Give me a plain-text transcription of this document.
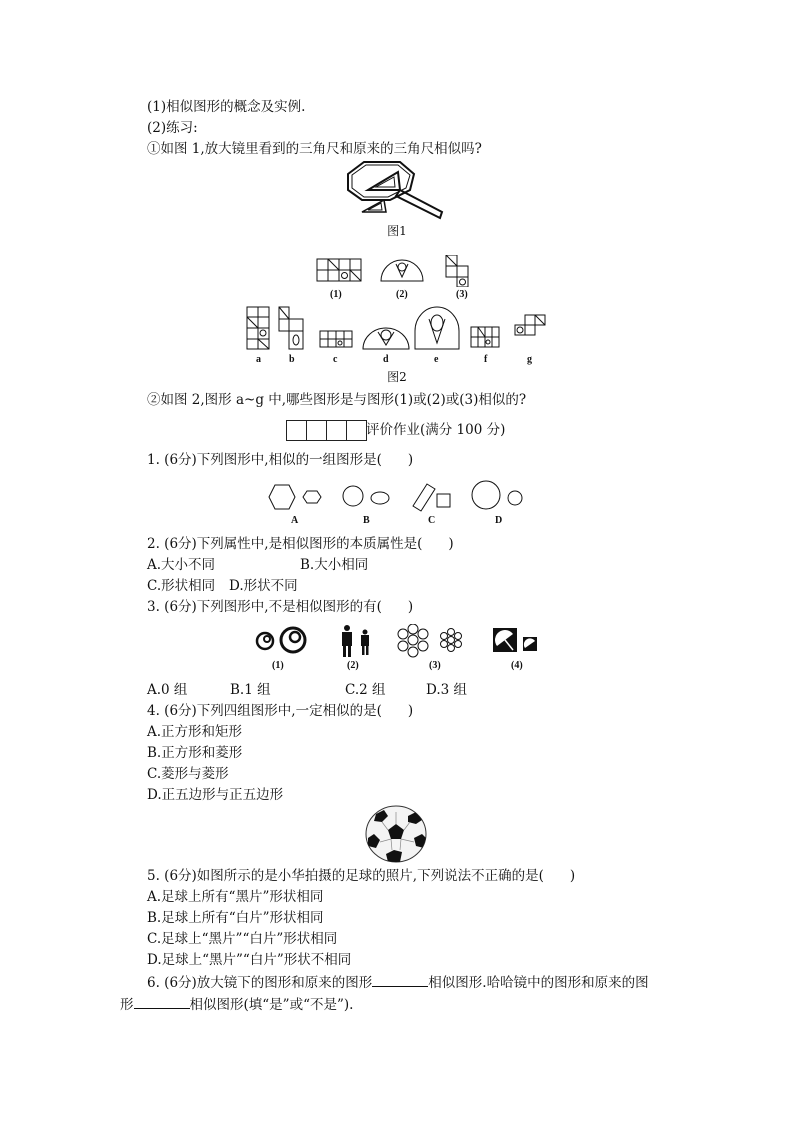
(1)相似图形的概念及实例.
(2)练习:
①如图 1,放大镜里看到的三角尺和原来的三角尺相似吗?
图1
(1)	(2)	(3)
a	b	c	d	e	f	g
图2
②如图 2,图形 a~g 中,哪些图形是与图形(1)或(2)或(3)相似的?
评价作业(满分 100 分)
1. (6分)下列图形中,相似的一组图形是( )
A	B	C	D
2. (6分)下列属性中,是相似图形的本质属性是( )
A.大小不同	B.大小相同
C.形状相同 D.形状不同
3. (6分)下列图形中,不是相似图形的有( )
(1)	(2)	(3)	(4)
A.0 组	B.1 组	C.2 组	D.3 组
4. (6分)下列四组图形中,一定相似的是( )
A.正方形和矩形
B.正方形和菱形
C.菱形与菱形
D.正五边形与正五边形
5. (6分)如图所示的是小华拍摄的足球的照片,下列说法不正确的是( )
A.足球上所有“黑片”形状相同
B.足球上所有“白片”形状相同
C.足球上“黑片”“白片”形状相同
D.足球上“黑片”“白片”形状不相同
6. (6分)放大镜下的图形和原来的图形	相似图形.哈哈镜中的图形和原来的图
形	相似图形(填“是”或“不是”).
